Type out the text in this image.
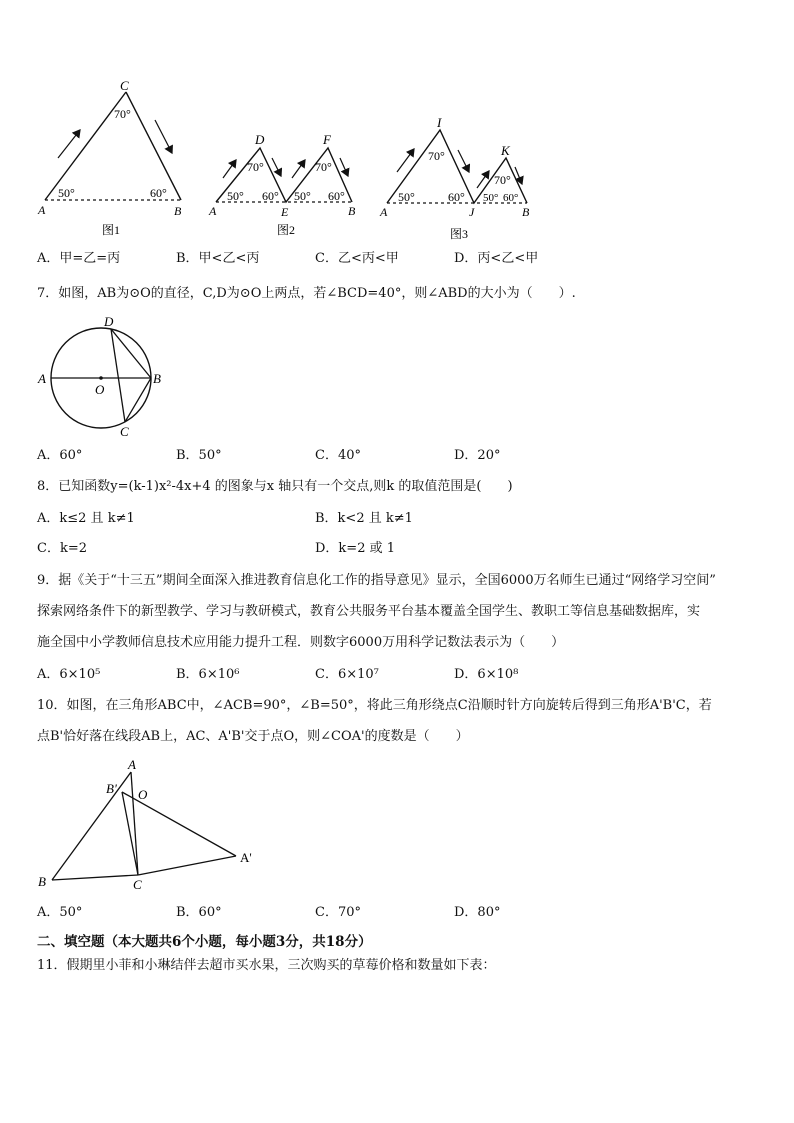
C
70°
50°	60°
A	B
图1
D	F
70°	70°
50° 60° 50° 60°
A	E	B
图2
I
K
70°
70°
50°	60° 50° 60°
A	J	B
图3
A．甲=乙=丙	B．甲<乙<丙	C．乙<丙<甲	D．丙<乙<甲
7．如图，AB为⊙O的直径，C,D为⊙O上两点，若∠BCD=40°，则∠ABD的大小为（　　）.
D
A
O
B
C
A．60°	B．50°	C．40°	D．20°
8．已知函数y=(k-1)x²-4x+4 的图象与x 轴只有一个交点,则k 的取值范围是(　　)
A．k≤2 且 k≠1	B．k<2 且 k≠1
C．k=2	D．k=2 或 1
9．据《关于“十三五”期间全面深入推进教育信息化工作的指导意见》显示，全国6000万名师生已通过“网络学习空间”
探索网络条件下的新型教学、学习与教研模式，教育公共服务平台基本覆盖全国学生、教职工等信息基础数据库，实
施全国中小学教师信息技术应用能力提升工程．则数字6000万用科学记数法表示为（　　）
A．6×10⁵	B．6×10⁶	C．6×10⁷	D．6×10⁸
10．如图，在三角形ABC中，∠ACB=90°，∠B=50°，将此三角形绕点C沿顺时针方向旋转后得到三角形A'B'C，若
点B'恰好落在线段AB上，AC、A'B'交于点O，则∠COA'的度数是（　　）
A
B' O
A'
B	C
A．50°	B．60°	C．70°	D．80°
二、填空题（本大题共6个小题，每小题3分，共18分）
11．假期里小菲和小琳结伴去超市买水果，三次购买的草莓价格和数量如下表：
